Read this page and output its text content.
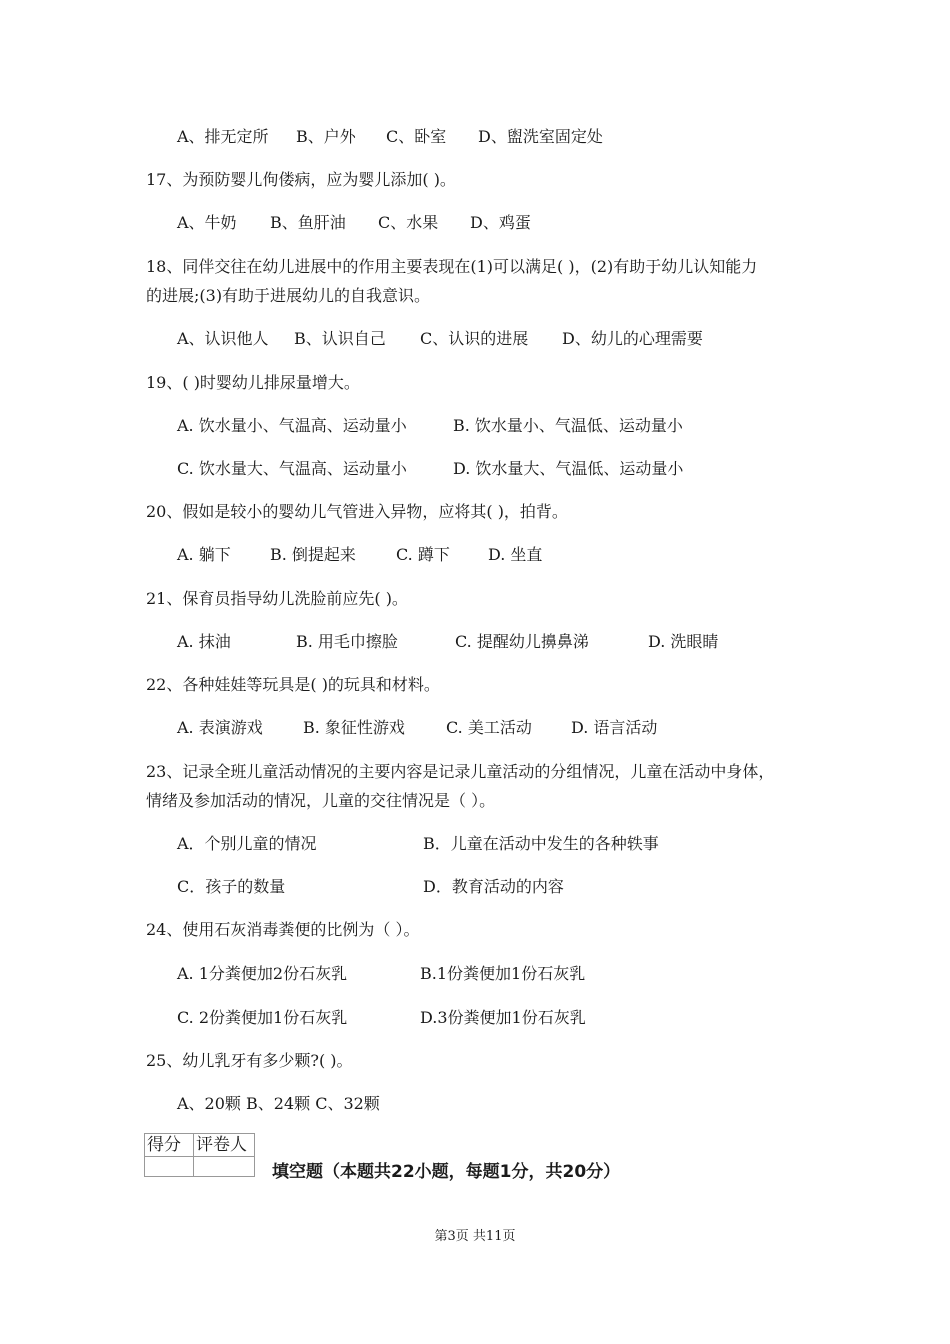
A、排无定所 B、户外 C、卧室 D、盥洗室固定处
17、为预防婴儿佝偻病，应为婴儿添加( )。
A、牛奶 B、鱼肝油 C、水果 D、鸡蛋
18、同伴交往在幼儿进展中的作用主要表现在(1)可以满足( )，(2)有助于幼儿认知能力
的进展;(3)有助于进展幼儿的自我意识。
A、认识他人 B、认识自己 C、认识的进展 D、幼儿的心理需要
19、( )时婴幼儿排尿量增大。
A. 饮水量小、气温高、运动量小	B. 饮水量小、气温低、运动量小
C. 饮水量大、气温高、运动量小	D. 饮水量大、气温低、运动量小
20、假如是较小的婴幼儿气管进入异物，应将其( )，拍背。
A. 躺下 B. 倒提起来	C. 蹲下 D. 坐直
21、保育员指导幼儿洗脸前应先( )。
A. 抹油	B. 用毛巾擦脸	C. 提醒幼儿擤鼻涕	D. 洗眼睛
22、各种娃娃等玩具是( )的玩具和材料。
A. 表演游戏	B. 象征性游戏	C. 美工活动 D. 语言活动
23、记录全班儿童活动情况的主要内容是记录儿童活动的分组情况，儿童在活动中身体，
情绪及参加活动的情况，儿童的交往情况是（ ）。
A．个别儿童的情况	B．儿童在活动中发生的各种轶事
C．孩子的数量	D．教育活动的内容
24、使用石灰消毒粪便的比例为（ ）。
A. 1分粪便加2份石灰乳	B.1份粪便加1份石灰乳
C. 2份粪便加1份石灰乳	D.3份粪便加1份石灰乳
25、幼儿乳牙有多少颗?( )。
A、20颗 B、24颗 C、32颗
得分	评卷人

填空题（本题共22小题，每题1分，共20分）
第3页 共11页
